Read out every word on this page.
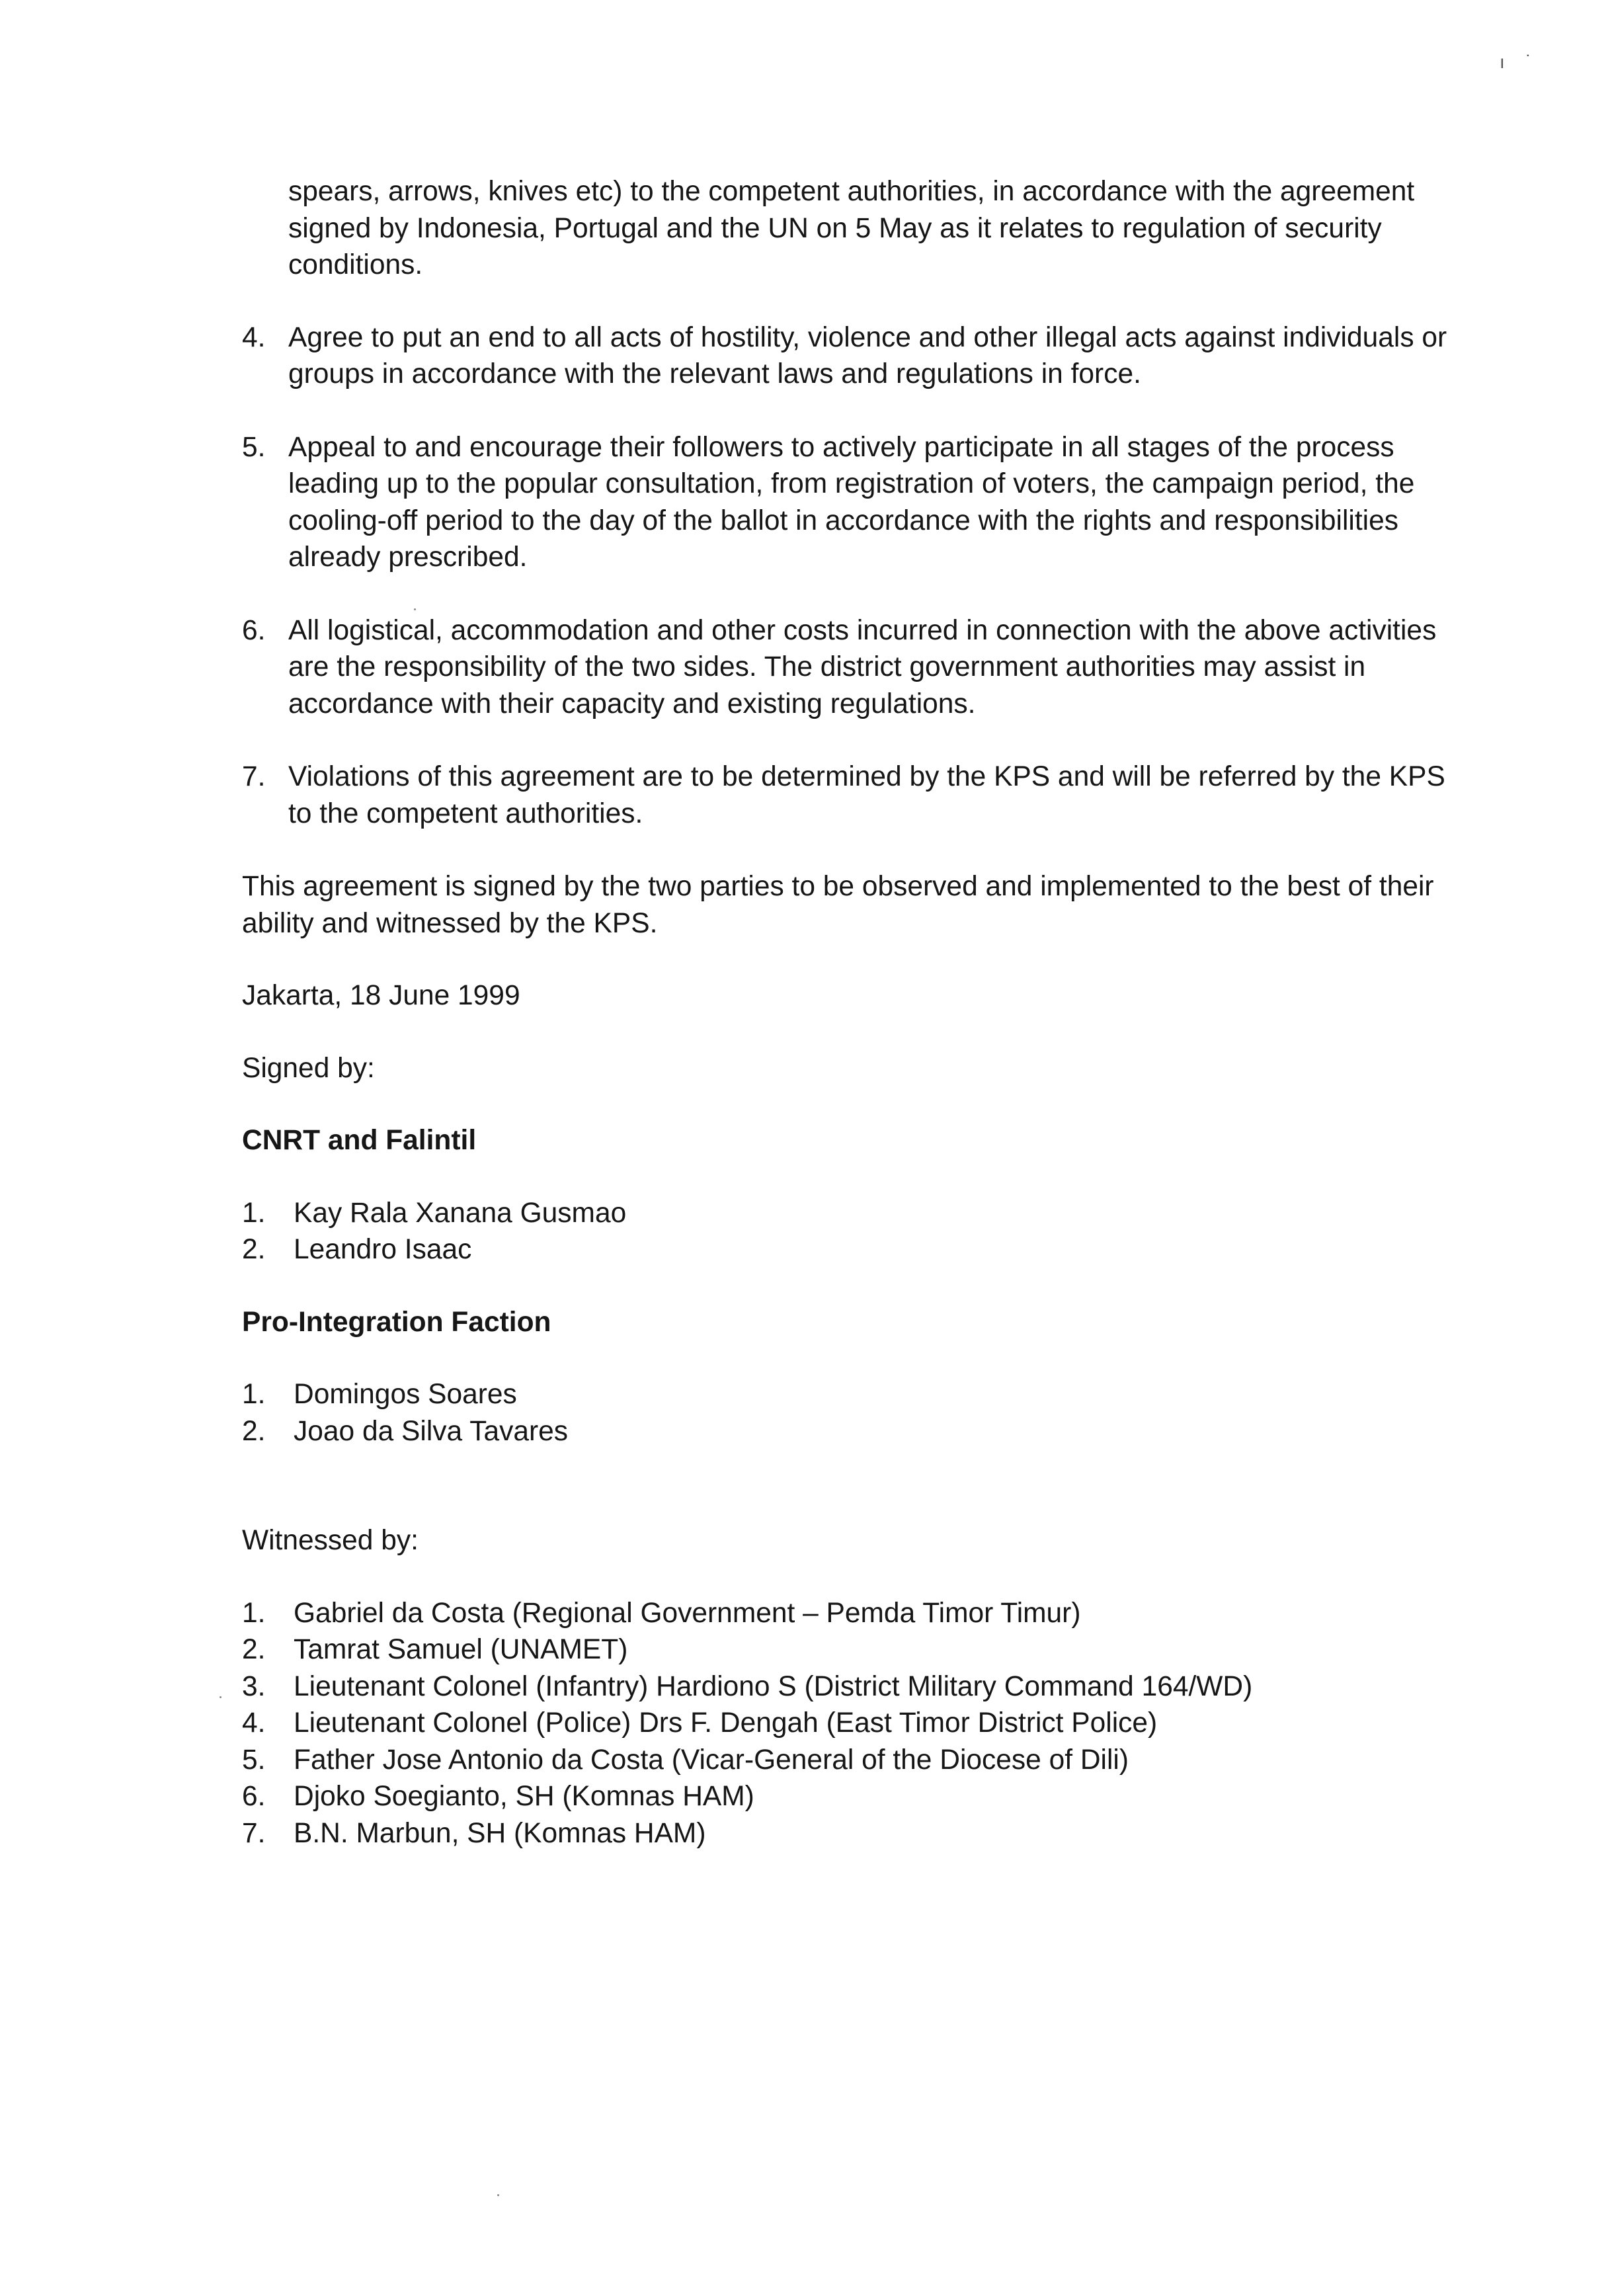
ı ˙

spears, arrows, knives etc) to the competent authorities, in accordance with the agreement signed by Indonesia, Portugal and the UN on 5 May as it relates to regulation of security conditions.

4. Agree to put an end to all acts of hostility, violence and other illegal acts against individuals or groups in accordance with the relevant laws and regulations in force.
5. Appeal to and encourage their followers to actively participate in all stages of the process leading up to the popular consultation, from registration of voters, the campaign period, the cooling-off period to the day of the ballot in accordance with the rights and responsibilities already prescribed.
6. All logistical, accommodation and other costs incurred in connection with the above activities are the responsibility of the two sides. The district government authorities may assist in accordance with their capacity and existing regulations.
7. Violations of this agreement are to be determined by the KPS and will be referred by the KPS to the competent authorities.

This agreement is signed by the two parties to be observed and implemented to the best of their ability and witnessed by the KPS.

Jakarta, 18 June 1999

Signed by:

CNRT and Falintil

1.	Kay Rala Xanana Gusmao
2.	Leandro Isaac

Pro-Integration Faction

1.	Domingos Soares
2.	Joao da Silva Tavares

Witnessed by:

1.	Gabriel da Costa (Regional Government – Pemda Timor Timur)
2.	Tamrat Samuel (UNAMET)
3.	Lieutenant Colonel (Infantry) Hardiono S (District Military Command 164/WD)
4.	Lieutenant Colonel (Police) Drs F. Dengah (East Timor District Police)
5.	Father Jose Antonio da Costa (Vicar-General of the Diocese of Dili)
6.	Djoko Soegianto, SH (Komnas HAM)
7.	B.N. Marbun, SH (Komnas HAM)
